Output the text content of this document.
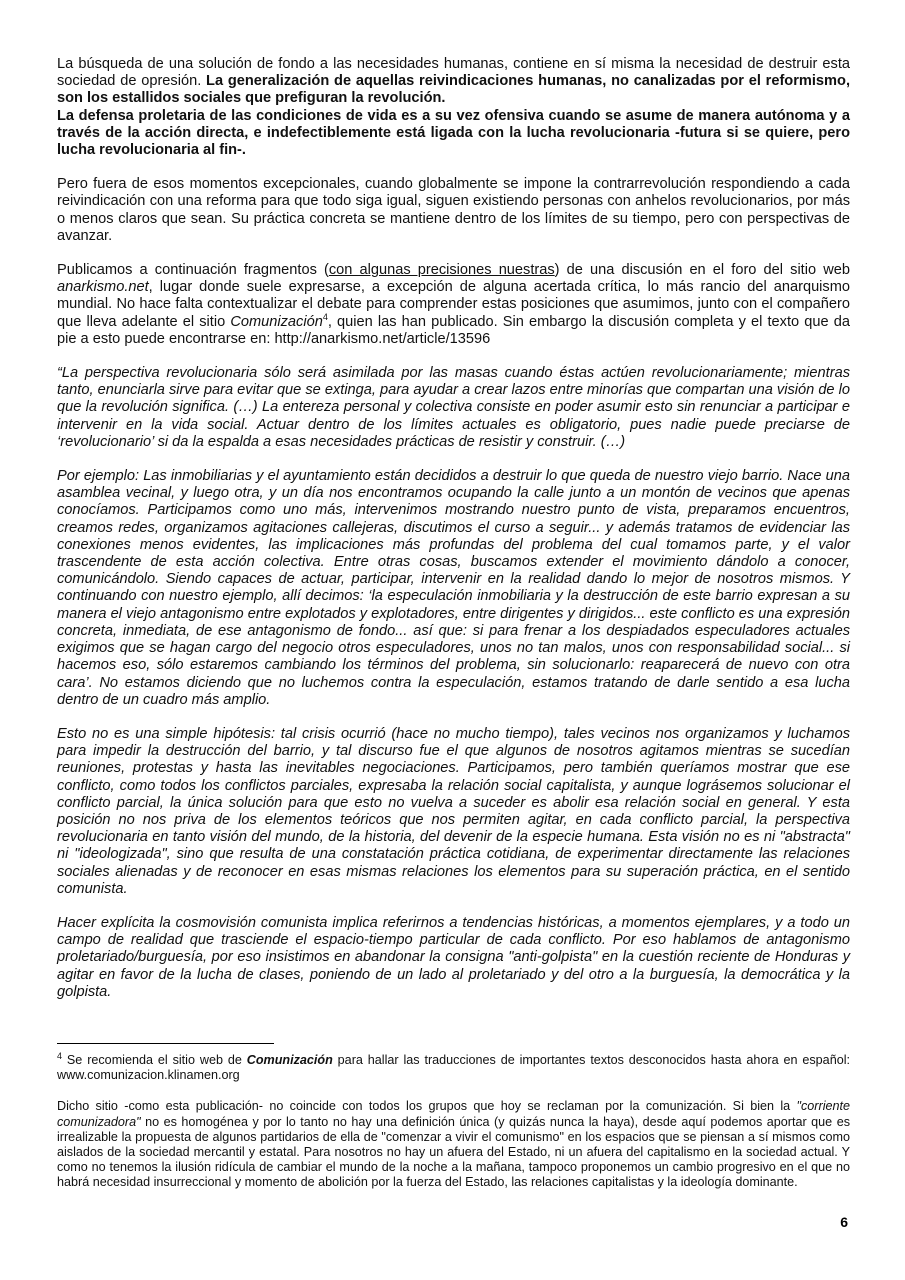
La búsqueda de una solución de fondo a las necesidades humanas, contiene en sí misma la necesidad de destruir esta sociedad de opresión. La generalización de aquellas reivindicaciones humanas, no canalizadas por el reformismo, son los estallidos sociales que prefiguran la revolución.

La defensa proletaria de las condiciones de vida es a su vez ofensiva cuando se asume de manera autónoma y a través de la acción directa, e indefectiblemente está ligada con la lucha revolucionaria -futura si se quiere, pero lucha revolucionaria al fin-.

Pero fuera de esos momentos excepcionales, cuando globalmente se impone la contrarrevolución respondiendo a cada reivindicación con una reforma para que todo siga igual, siguen existiendo personas con anhelos revolucionarios, por más o menos claros que sean. Su práctica concreta se mantiene dentro de los límites de su tiempo, pero con perspectivas de avanzar.

Publicamos a continuación fragmentos (con algunas precisiones nuestras) de una discusión en el foro del sitio web anarkismo.net, lugar donde suele expresarse, a excepción de alguna acertada crítica, lo más rancio del anarquismo mundial. No hace falta contextualizar el debate para comprender estas posiciones que asumimos, junto con el compañero que lleva adelante el sitio Comunización$^4$, quien las han publicado. Sin embargo la discusión completa y el texto que da pie a esto puede encontrarse en: http://anarkismo.net/article/13596

“La perspectiva revolucionaria sólo será asimilada por las masas cuando éstas actúen revolucionariamente; mientras tanto, enunciarla sirve para evitar que se extinga, para ayudar a crear lazos entre minorías que compartan una visión de lo que la revolución significa. (…) La entereza personal y colectiva consiste en poder asumir esto sin renunciar a participar e intervenir en la vida social. Actuar dentro de los límites actuales es obligatorio, pues nadie puede preciarse de ‘revolucionario’ si da la espalda a esas necesidades prácticas de resistir y construir. (…)

Por ejemplo: Las inmobiliarias y el ayuntamiento están decididos a destruir lo que queda de nuestro viejo barrio. Nace una asamblea vecinal, y luego otra, y un día nos encontramos ocupando la calle junto a un montón de vecinos que apenas conocíamos. Participamos como uno más, intervenimos mostrando nuestro punto de vista, preparamos encuentros, creamos redes, organizamos agitaciones callejeras, discutimos el curso a seguir... y además tratamos de evidenciar las conexiones menos evidentes, las implicaciones más profundas del problema del cual tomamos parte, y el valor trascendente de esta acción colectiva. Entre otras cosas, buscamos extender el movimiento dándolo a conocer, comunicándolo. Siendo capaces de actuar, participar, intervenir en la realidad dando lo mejor de nosotros mismos. Y continuando con nuestro ejemplo, allí decimos: ‘la especulación inmobiliaria y la destrucción de este barrio expresan a su manera el viejo antagonismo entre explotados y explotadores, entre dirigentes y dirigidos... este conflicto es una expresión concreta, inmediata, de ese antagonismo de fondo... así que: si para frenar a los despiadados especuladores actuales exigimos que se hagan cargo del negocio otros especuladores, unos no tan malos, unos con responsabilidad social... si hacemos eso, sólo estaremos cambiando los términos del problema, sin solucionarlo: reaparecerá de nuevo con otra cara’. No estamos diciendo que no luchemos contra la especulación, estamos tratando de darle sentido a esa lucha dentro de un cuadro más amplio.

Esto no es una simple hipótesis: tal crisis ocurrió (hace no mucho tiempo), tales vecinos nos organizamos y luchamos para impedir la destrucción del barrio, y tal discurso fue el que algunos de nosotros agitamos mientras se sucedían reuniones, protestas y hasta las inevitables negociaciones. Participamos, pero también queríamos mostrar que ese conflicto, como todos los conflictos parciales, expresaba la relación social capitalista, y aunque lográsemos solucionar el conflicto parcial, la única solución para que esto no vuelva a suceder es abolir esa relación social en general. Y esta posición no nos priva de los elementos teóricos que nos permiten agitar, en cada conflicto parcial, la perspectiva revolucionaria en tanto visión del mundo, de la historia, del devenir de la especie humana. Esta visión no es ni "abstracta" ni "ideologizada", sino que resulta de una constatación práctica cotidiana, de experimentar directamente las relaciones sociales alienadas y de reconocer en esas mismas relaciones los elementos para su superación práctica, en el sentido comunista.

Hacer explícita la cosmovisión comunista implica referirnos a tendencias históricas, a momentos ejemplares, y a todo un campo de realidad que trasciende el espacio-tiempo particular de cada conflicto. Por eso hablamos de antagonismo proletariado/burguesía, por eso insistimos en abandonar la consigna "anti-golpista" en la cuestión reciente de Honduras y agitar en favor de la lucha de clases, poniendo de un lado al proletariado y del otro a la burguesía, la democrática y la golpista.

$^4$ Se recomienda el sitio web de Comunización para hallar las traducciones de importantes textos desconocidos hasta ahora en español: www.comunizacion.klinamen.org

Dicho sitio -como esta publicación- no coincide con todos los grupos que hoy se reclaman por la comunización. Si bien la "corriente comunizadora" no es homogénea y por lo tanto no hay una definición única (y quizás nunca la haya), desde aquí podemos aportar que es irrealizable la propuesta de algunos partidarios de ella de "comenzar a vivir el comunismo" en los espacios que se piensan a sí mismos como aislados de la sociedad mercantil y estatal. Para nosotros no hay un afuera del Estado, ni un afuera del capitalismo en la sociedad actual. Y como no tenemos la ilusión ridícula de cambiar el mundo de la noche a la mañana, tampoco proponemos un cambio progresivo en el que no habrá necesidad insurreccional y momento de abolición por la fuerza del Estado, las relaciones capitalistas y la ideología dominante.

6
